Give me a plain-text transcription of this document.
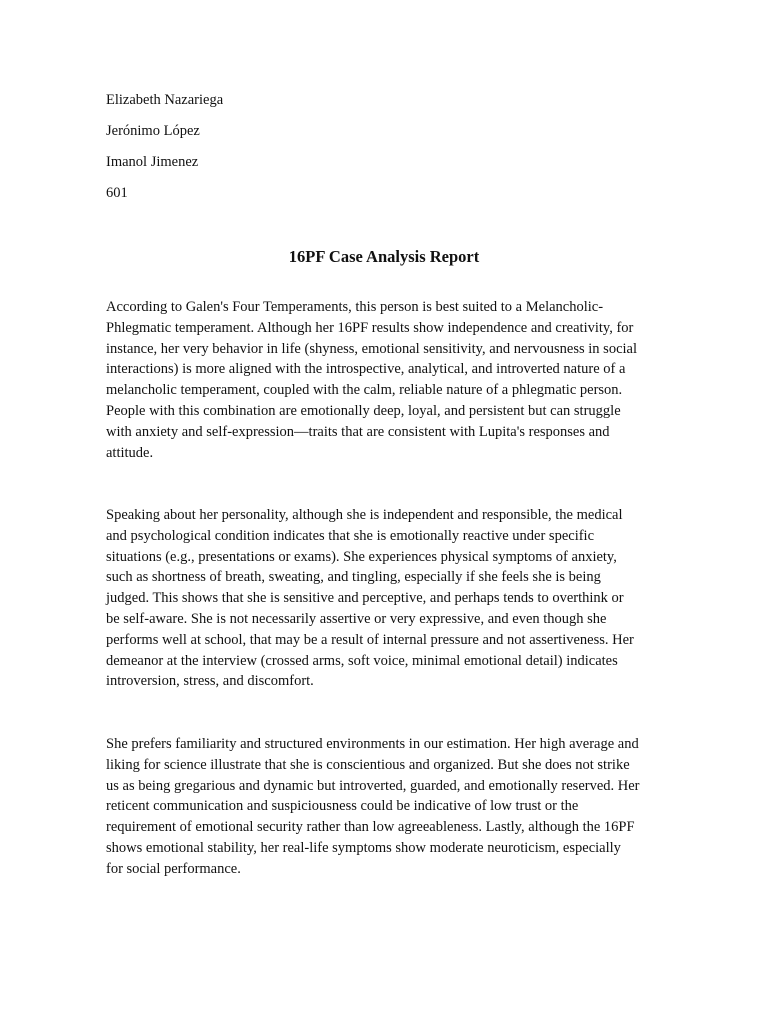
Elizabeth Nazariega
Jerónimo López
Imanol Jimenez
601
16PF Case Analysis Report

According to Galen's Four Temperaments, this person is best suited to a Melancholic-
Phlegmatic temperament. Although her 16PF results show independence and creativity, for
instance, her very behavior in life (shyness, emotional sensitivity, and nervousness in social
interactions) is more aligned with the introspective, analytical, and introverted nature of a
melancholic temperament, coupled with the calm, reliable nature of a phlegmatic person.
People with this combination are emotionally deep, loyal, and persistent but can struggle
with anxiety and self-expression—traits that are consistent with Lupita's responses and
attitude.

Speaking about her personality, although she is independent and responsible, the medical
and psychological condition indicates that she is emotionally reactive under specific
situations (e.g., presentations or exams). She experiences physical symptoms of anxiety,
such as shortness of breath, sweating, and tingling, especially if she feels she is being
judged. This shows that she is sensitive and perceptive, and perhaps tends to overthink or
be self-aware. She is not necessarily assertive or very expressive, and even though she
performs well at school, that may be a result of internal pressure and not assertiveness. Her
demeanor at the interview (crossed arms, soft voice, minimal emotional detail) indicates
introversion, stress, and discomfort.

She prefers familiarity and structured environments in our estimation. Her high average and
liking for science illustrate that she is conscientious and organized. But she does not strike
us as being gregarious and dynamic but introverted, guarded, and emotionally reserved. Her
reticent communication and suspiciousness could be indicative of low trust or the
requirement of emotional security rather than low agreeableness. Lastly, although the 16PF
shows emotional stability, her real-life symptoms show moderate neuroticism, especially
for social performance.
